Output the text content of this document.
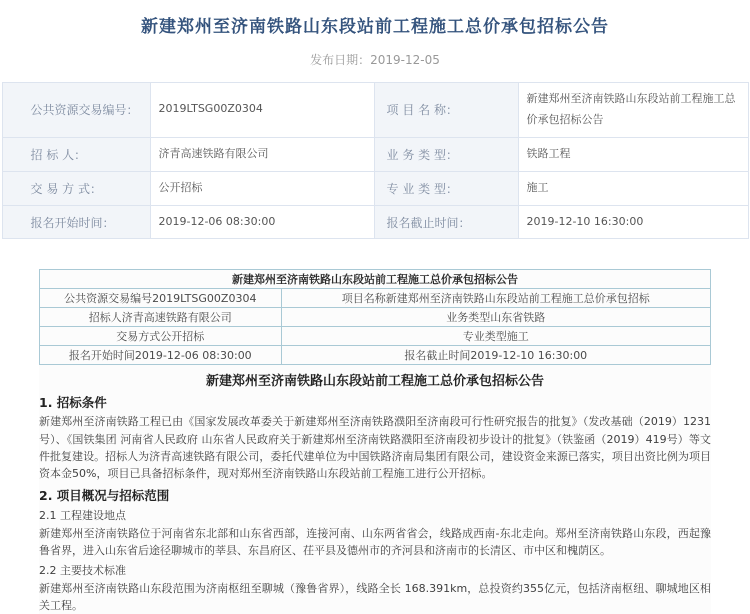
新建郑州至济南铁路山东段站前工程施工总价承包招标公告
发布日期：2019-12-05
公共资源交易编号：	2019LTSG00Z0304	项 目 名 称：	新建郑州至济南铁路山东段站前工程施工总价承包招标公告
招 标 人：	济青高速铁路有限公司	业 务 类 型：	铁路工程
交 易 方 式：	公开招标	专 业 类 型：	施工
报名开始时间：	2019-12-06 08:30:00	报名截止时间：	2019-12-10 16:30:00
新建郑州至济南铁路山东段站前工程施工总价承包招标公告	
公共资源交易编号2019LTSG00Z0304	项目名称新建郑州至济南铁路山东段站前工程施工总价承包招标
招标人济青高速铁路有限公司	业务类型山东省铁路
交易方式公开招标	专业类型施工
报名开始时间2019-12-06 08:30:00	报名截止时间2019-12-10 16:30:00
新建郑州至济南铁路山东段站前工程施工总价承包招标公告
1. 招标条件

新建郑州至济南铁路工程已由《国家发展改革委关于新建郑州至济南铁路濮阳至济南段可行性研究报告的批复》（发改基础（2019）1231 号）、《国铁集团 河南省人民政府 山东省人民政府关于新建郑州至济南铁路濮阳至济南段初步设计的批复》（铁鉴函（2019）419号）等文件批复建设。招标人为济青高速铁路有限公司，委托代建单位为中国铁路济南局集团有限公司，建设资金来源已落实，项目出资比例为项目资本金50%，项目已具备招标条件，现对郑州至济南铁路山东段站前工程施工进行公开招标。

2. 项目概况与招标范围
2.1 工程建设地点

新建郑州至济南铁路位于河南省东北部和山东省西部，连接河南、山东两省省会，线路成西南-东北走向。郑州至济南铁路山东段，西起豫鲁省界，进入山东省后途径聊城市的莘县、东昌府区、茌平县及德州市的齐河县和济南市的长清区、市中区和槐荫区。

2.2 主要技术标准

新建郑州至济南铁路山东段范围为济南枢纽至聊城（豫鲁省界），线路全长 168.391km，总投资约355亿元，包括济南枢纽、聊城地区相关工程。
